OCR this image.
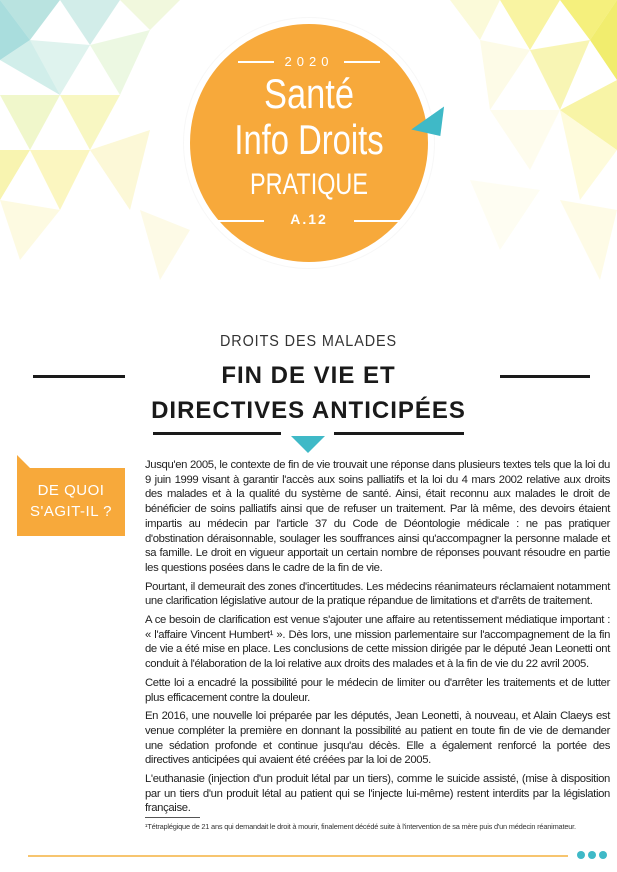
2020
Santé
Info Droits
PRATIQUE
A.12
DROITS DES MALADES
FIN DE VIE ET
DIRECTIVES ANTICIPÉES
DE QUOI
S'AGIT-IL ?

Jusqu'en 2005, le contexte de fin de vie trouvait une réponse dans plusieurs textes tels que la loi du 9 juin 1999 visant à garantir l'accès aux soins palliatifs et la loi du 4 mars 2002 relative aux droits des malades et à la qualité du système de santé. Ainsi, était reconnu aux malades le droit de bénéficier de soins palliatifs ainsi que de refuser un traitement. Par là même, des devoirs étaient impartis au médecin par l'article 37 du Code de Déontologie médicale : ne pas pratiquer d'obstination déraisonnable, soulager les souffrances ainsi qu'accompagner la personne malade et sa famille. Le droit en vigueur apportait un certain nombre de réponses pouvant résoudre en partie les questions posées dans le cadre de la fin de vie.

Pourtant, il demeurait des zones d'incertitudes. Les médecins réanimateurs réclamaient notamment une clarification législative autour de la pratique répandue de limitations et d'arrêts de traitement.

A ce besoin de clarification est venue s'ajouter une affaire au retentissement médiatique important : « l'affaire Vincent Humbert¹ ». Dès lors, une mission parlementaire sur l'accompagnement de la fin de vie a été mise en place. Les conclusions de cette mission dirigée par le député Jean Leonetti ont conduit à l'élaboration de la loi relative aux droits des malades et à la fin de vie du 22 avril 2005.

Cette loi a encadré la possibilité pour le médecin de limiter ou d'arrêter les traitements et de lutter plus efficacement contre la douleur.

En 2016, une nouvelle loi préparée par les députés, Jean Leonetti, à nouveau, et Alain Claeys est venue compléter la première en donnant la possibilité au patient en toute fin de vie de demander une sédation profonde et continue jusqu'au décès. Elle a également renforcé la portée des directives anticipées qui avaient été créées par la loi de 2005.

L'euthanasie (injection d'un produit létal par un tiers), comme le suicide assisté, (mise à disposition par un tiers d'un produit létal au patient qui se l'injecte lui-même) restent interdits par la législation française.

¹Tétraplégique de 21 ans qui demandait le droit à mourir, finalement décédé suite à l'intervention de sa mère puis d'un médecin réanimateur.
